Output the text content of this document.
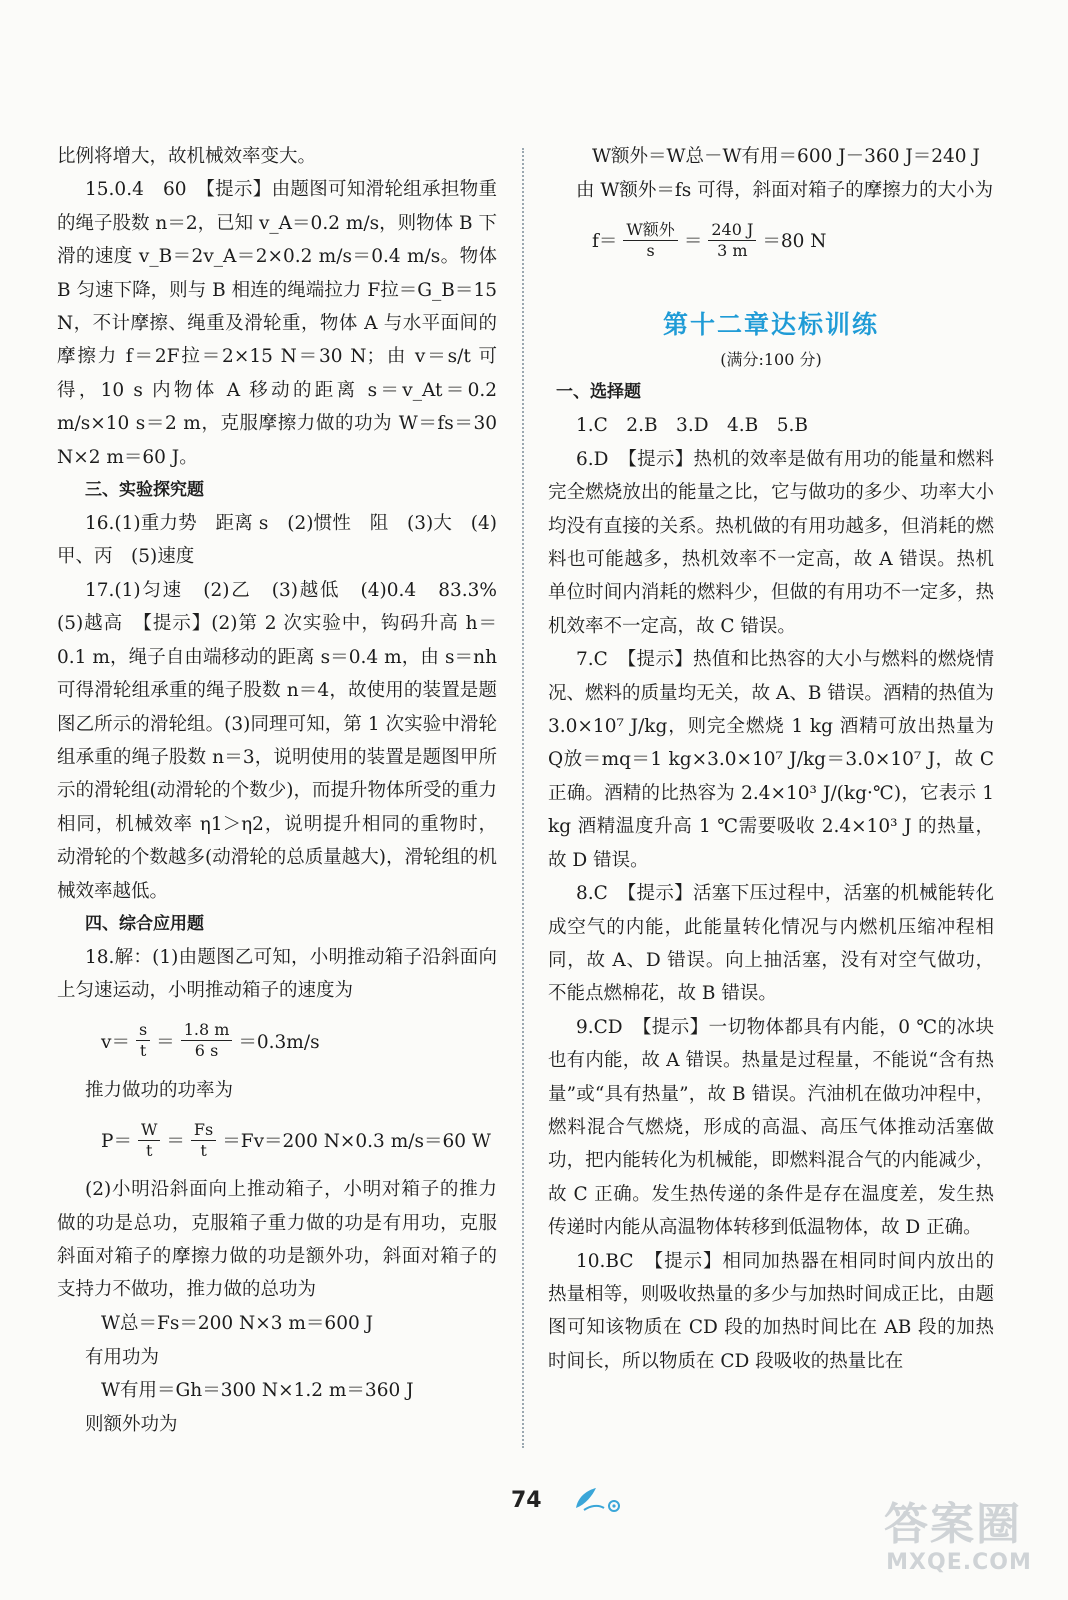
比例将增大，故机械效率变大。

15.0.4　60　【提示】由题图可知滑轮组承担物重的绳子股数 n＝2，已知 v_A＝0.2 m/s，则物体 B 下滑的速度 v_B＝2v_A＝2×0.2 m/s＝0.4 m/s。物体 B 匀速下降，则与 B 相连的绳端拉力 F拉＝G_B＝15 N，不计摩擦、绳重及滑轮重，物体 A 与水平面间的摩擦力 f＝2F拉＝2×15 N＝30 N；由 v＝s/t 可得，10 s 内物体 A 移动的距离 s＝v_At＝0.2 m/s×10 s＝2 m，克服摩擦力做的功为 W＝fs＝30 N×2 m＝60 J。

三、实验探究题

16.(1)重力势　距离 s　(2)惯性　阻　(3)大　(4)甲、丙　(5)速度

17.(1)匀速　(2)乙　(3)越低　(4)0.4　83.3%　(5)越高　【提示】(2)第 2 次实验中，钩码升高 h＝0.1 m，绳子自由端移动的距离 s＝0.4 m，由 s＝nh 可得滑轮组承重的绳子股数 n＝4，故使用的装置是题图乙所示的滑轮组。(3)同理可知，第 1 次实验中滑轮组承重的绳子股数 n＝3，说明使用的装置是题图甲所示的滑轮组(动滑轮的个数少)，而提升物体所受的重力相同，机械效率 η1＞η2，说明提升相同的重物时，动滑轮的个数越多(动滑轮的总质量越大)，滑轮组的机械效率越低。

四、综合应用题

18.解：(1)由题图乙可知，小明推动箱子沿斜面向上匀速运动，小明推动箱子的速度为

$v= \frac{s}{t} = \frac{1.8 m}{6 s} =0.3m/s$

推力做功的功率为

$P= \frac{W}{t} = \frac{Fs}{t} =Fv=200$ N×0.3 m/s＝60 W

(2)小明沿斜面向上推动箱子，小明对箱子的推力做的功是总功，克服箱子重力做的功是有用功，克服斜面对箱子的摩擦力做的功是额外功，斜面对箱子的支持力不做功，推力做的总功为

W总＝Fs＝200 N×3 m＝600 J

有用功为

W有用＝Gh＝300 N×1.2 m＝360 J

则额外功为

W额外＝W总－W有用＝600 J－360 J＝240 J

由 W额外＝fs 可得，斜面对箱子的摩擦力的大小为

$f= \frac{\text{W额外}}{s} = \frac{240 J}{3 m} =80$ N
第十二章达标训练

(满分:100 分)

一、选择题

1.C　2.B　3.D　4.B　5.B

6.D　【提示】热机的效率是做有用功的能量和燃料完全燃烧放出的能量之比，它与做功的多少、功率大小均没有直接的关系。热机做的有用功越多，但消耗的燃料也可能越多，热机效率不一定高，故 A 错误。热机单位时间内消耗的燃料少，但做的有用功不一定多，热机效率不一定高，故 C 错误。

7.C　【提示】热值和比热容的大小与燃料的燃烧情况、燃料的质量均无关，故 A、B 错误。酒精的热值为 3.0×10⁷ J/kg，则完全燃烧 1 kg 酒精可放出热量为 Q放＝mq＝1 kg×3.0×10⁷ J/kg＝3.0×10⁷ J，故 C 正确。酒精的比热容为 2.4×10³ J/(kg·℃)，它表示 1 kg 酒精温度升高 1 ℃需要吸收 2.4×10³ J 的热量，故 D 错误。

8.C　【提示】活塞下压过程中，活塞的机械能转化成空气的内能，此能量转化情况与内燃机压缩冲程相同，故 A、D 错误。向上抽活塞，没有对空气做功，不能点燃棉花，故 B 错误。

9.CD　【提示】一切物体都具有内能，0 ℃的冰块也有内能，故 A 错误。热量是过程量，不能说“含有热量”或“具有热量”，故 B 错误。汽油机在做功冲程中，燃料混合气燃烧，形成的高温、高压气体推动活塞做功，把内能转化为机械能，即燃料混合气的内能减少，故 C 正确。发生热传递的条件是存在温度差，发生热传递时内能从高温物体转移到低温物体，故 D 正确。

10.BC　【提示】相同加热器在相同时间内放出的热量相等，则吸收热量的多少与加热时间成正比，由题图可知该物质在 CD 段的加热时间比在 AB 段的加热时间长，所以物质在 CD 段吸收的热量比在

74	答案圈
MXQE.COM
